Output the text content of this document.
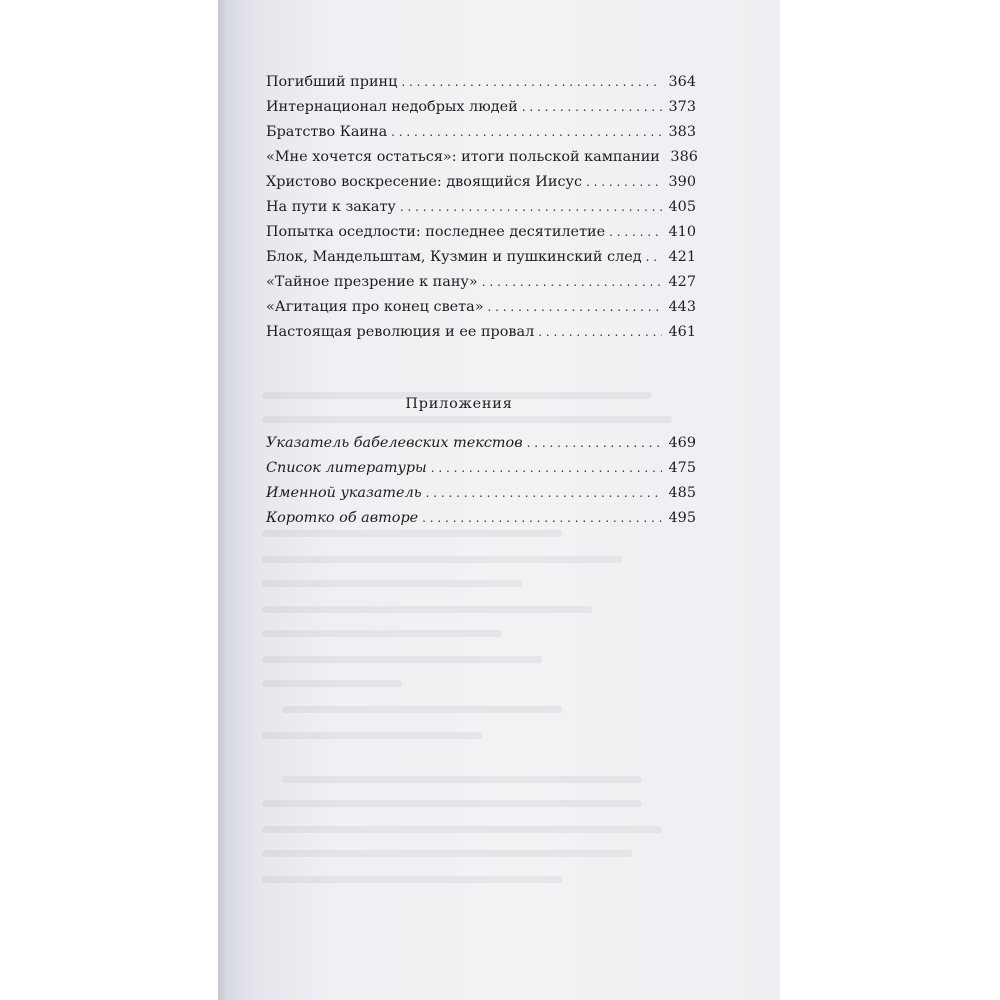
Погибший принц . . .	364
Интернационал недобрых людей . . .	373
Братство Каина . . .	383
«Мне хочется остаться»: итоги польской кампании 386
Христово воскресение: двоящийся Иисус . . .	390
На пути к закату . . .	405
Попытка оседлости: последнее десятилетие . . .	410
Блок, Мандельштам, Кузмин и пушкинский след . . .	421
«Тайное презрение к пану» . . .	427
«Агитация про конец света» . . .	443
Настоящая революция и ее провал . . .	461
Приложения
Указатель бабелевских текстов . . .	469
Список литературы . . .	475
Именной указатель . . .	485
Коротко об авторе . . .	495
